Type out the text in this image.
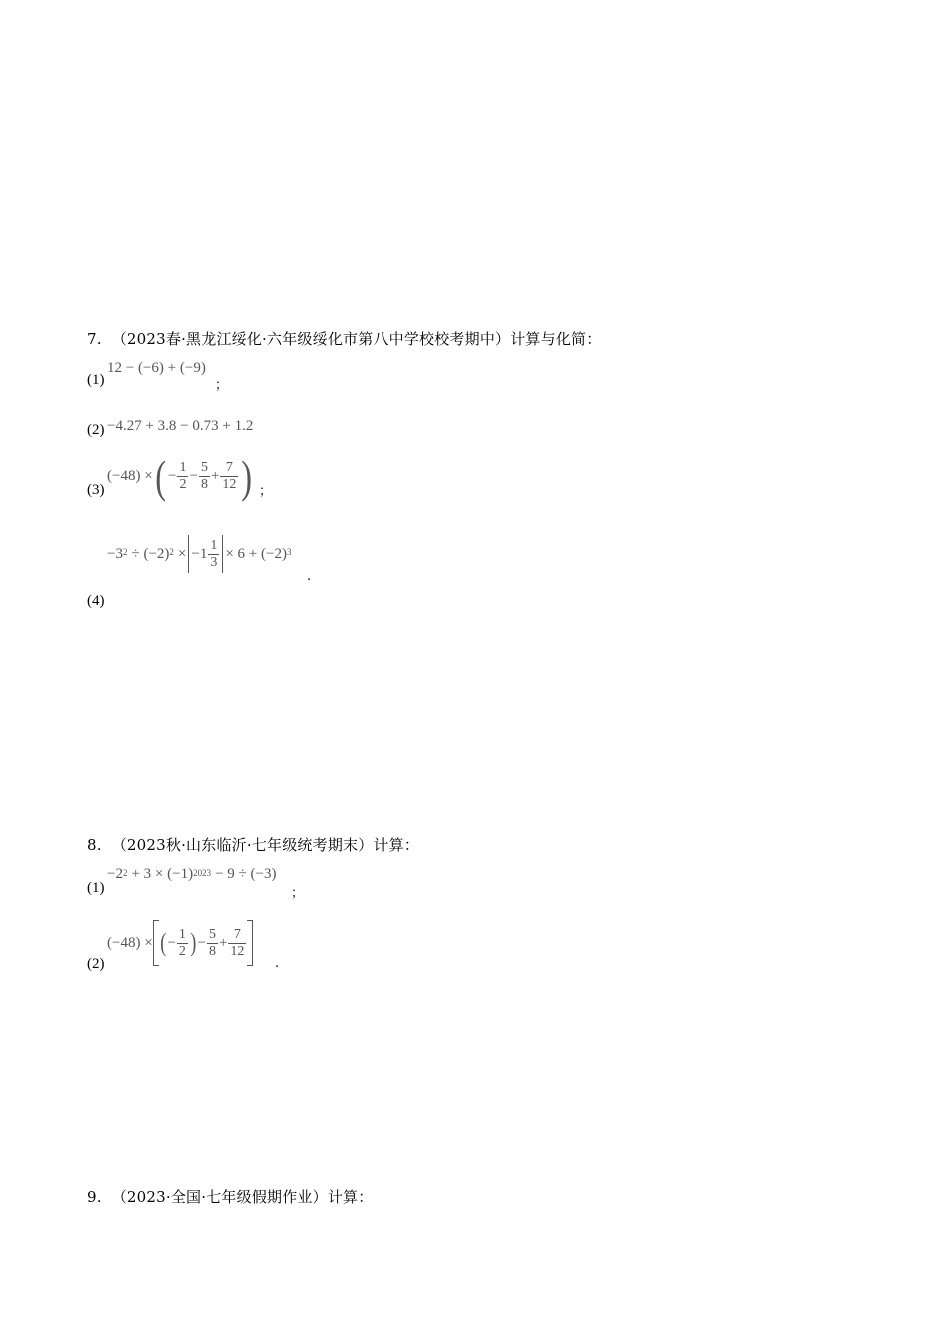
7. （2023春·黑龙江绥化·六年级绥化市第八中学校校考期中）计算与化简：
(1)
12 − (−6) + (−9)
；
(2) −4.27 + 3.8 − 0.73 + 1.2
(3)
(−48) × ( − $\frac{1}{2} - \frac{5}{8} + \frac{7}{12}$ ) ；
(4)
$-3^2 \div (-2)^2 \times -1 \frac{1}{3} \times 6 + (-2)^3$
.
8. （2023秋·山东临沂·七年级统考期末）计算：
(1)
$-2^2 + 3 \times (-1)^{2023} - 9 \div (-3)$
；
(2)
(−48) × ( − $\frac{1}{2}$ ) − $\frac{5}{8} + \frac{7}{12}$
.
9. （2023·全国·七年级假期作业）计算：
